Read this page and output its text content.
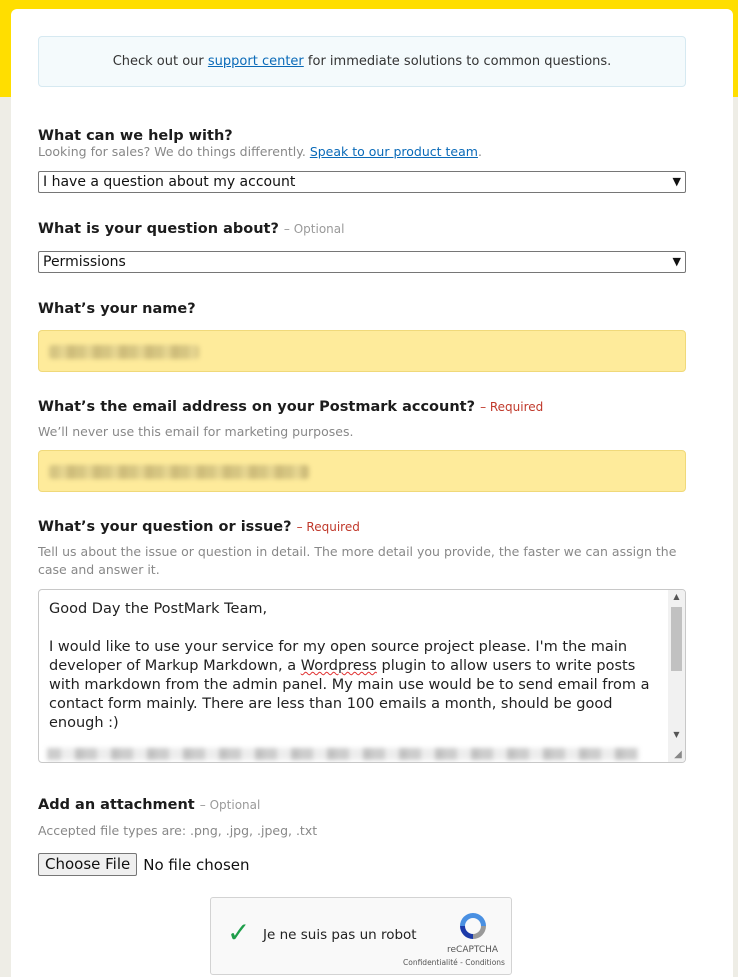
Check out our support center for immediate solutions to common questions.
What can we help with?
Looking for sales? We do things differently. Speak to our product team.
I have a question about my account	▼
What is your question about? – Optional
Permissions	▼
What’s your name?
What’s the email address on your Postmark account? – Required
We’ll never use this email for marketing purposes.
What’s your question or issue? – Required
Tell us about the issue or question in detail. The more detail you provide, the faster we can assign the case and answer it.
Good Day the PostMark Team,

I would like to use your service for my open source project please. I'm the main developer of Markup Markdown, a Wordpress plugin to allow users to write posts with markdown from the admin panel. My main use would be to send email from a contact form mainly. There are less than 100 emails a month, should be good enough :)
▲
▼
◢
Add an attachment – Optional
Accepted file types are: .png, .jpg, .jpeg, .txt
Choose File No file chosen
✓ Je ne suis pas un robot
reCAPTCHA
Confidentialité - Conditions
